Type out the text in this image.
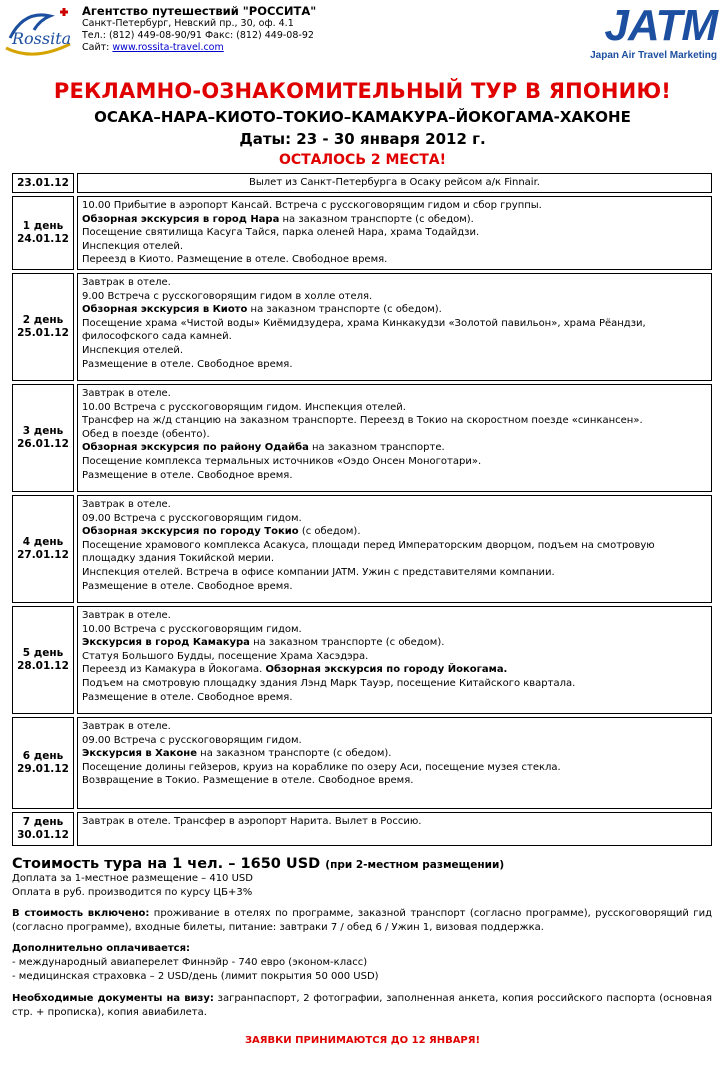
Rossita
Агентство путешествий "РОССИТА"
Санкт-Петербург, Невский пр., 30, оф. 4.1
Тел.: (812) 449-08-90/91 Факс: (812) 449-08-92
Сайт: www.rossita-travel.com	JATM
Japan Air Travel Marketing
РЕКЛАМНО-ОЗНАКОМИТЕЛЬНЫЙ ТУР В ЯПОНИЮ!
ОСАКА–НАРА–КИОТО–ТОКИО–КАМАКУРА–ЙОКОГАМА-ХАКОНЕ
Даты: 23 - 30 января 2012 г.
ОСТАЛОСЬ 2 МЕСТА!
23.01.12	Вылет из Санкт-Петербурга в Осаку рейсом а/к Finnair.

1 день
24.01.12

10.00 Прибытие в аэропорт Кансай. Встреча с русскоговорящим гидом и сбор группы.

Обзорная экскурсия в город Нара на заказном транспорте (с обедом).

Посещение святилища Касуга Тайся, парка оленей Нара, храма Тодайдзи.

Инспекция отелей.

Переезд в Киото. Размещение в отеле. Свободное время.

2 день
25.01.12

Завтрак в отеле.

9.00 Встреча с русскоговорящим гидом в холле отеля.

Обзорная экскурсия в Киото на заказном транспорте (с обедом).

Посещение храма «Чистой воды» Киёмидзудера, храма Кинкакудзи «Золотой павильон», храма Рёандзи, философского сада камней.

Инспекция отелей.

Размещение в отеле. Свободное время.

3 день
26.01.12

Завтрак в отеле.

10.00 Встреча с русскоговорящим гидом. Инспекция отелей.

Трансфер на ж/д станцию на заказном транспорте. Переезд в Токио на скоростном поезде «синкансен».

Обед в поезде (обенто).

Обзорная экскурсия по району Одайба на заказном транспорте.

Посещение комплекса термальных источников «Оэдо Онсен Моноготари».

Размещение в отеле. Свободное время.

4 день
27.01.12

Завтрак в отеле.

09.00 Встреча с русскоговорящим гидом.

Обзорная экскурсия по городу Токио (с обедом).

Посещение храмового комплекса Асакуса, площади перед Императорским дворцом, подъем на смотровую площадку здания Токийской мерии.

Инспекция отелей. Встреча в офисе компании JATM. Ужин с представителями компании.

Размещение в отеле. Свободное время.

5 день
28.01.12

Завтрак в отеле.

10.00 Встреча с русскоговорящим гидом.

Экскурсия в город Камакура на заказном транспорте (с обедом).

Статуя Большого Будды, посещение Храма Хасэдэра.

Переезд из Камакура в Йокогама. Обзорная экскурсия по городу Йокогама.

Подъем на смотровую площадку здания Лэнд Марк Тауэр, посещение Китайского квартала.

Размещение в отеле. Свободное время.

6 день
29.01.12

Завтрак в отеле.

09.00 Встреча с русскоговорящим гидом.

Экскурсия в Хаконе на заказном транспорте (с обедом).

Посещение долины гейзеров, круиз на кораблике по озеру Аси, посещение музея стекла.

Возвращение в Токио. Размещение в отеле. Свободное время.

7 день
30.01.12

Завтрак в отеле. Трансфер в аэропорт Нарита. Вылет в Россию.

Стоимость тура на 1 чел. – 1650 USD (при 2-местном размещении)
Доплата за 1-местное размещение – 410 USD
Оплата в руб. производится по курсу ЦБ+3%
В стоимость включено: проживание в отелях по программе, заказной транспорт (согласно программе), русскоговорящий гид (согласно программе), входные билеты, питание: завтраки 7 / обед 6 / Ужин 1, визовая поддержка.
Дополнительно оплачивается:
- международный авиаперелет Финнэйр - 740 евро (эконом-класс)
- медицинская страховка – 2 USD/день (лимит покрытия 50 000 USD)
Необходимые документы на визу: загранпаспорт, 2 фотографии, заполненная анкета, копия российского паспорта (основная стр. + прописка), копия авиабилета.
ЗАЯВКИ ПРИНИМАЮТСЯ ДО 12 ЯНВАРЯ!
